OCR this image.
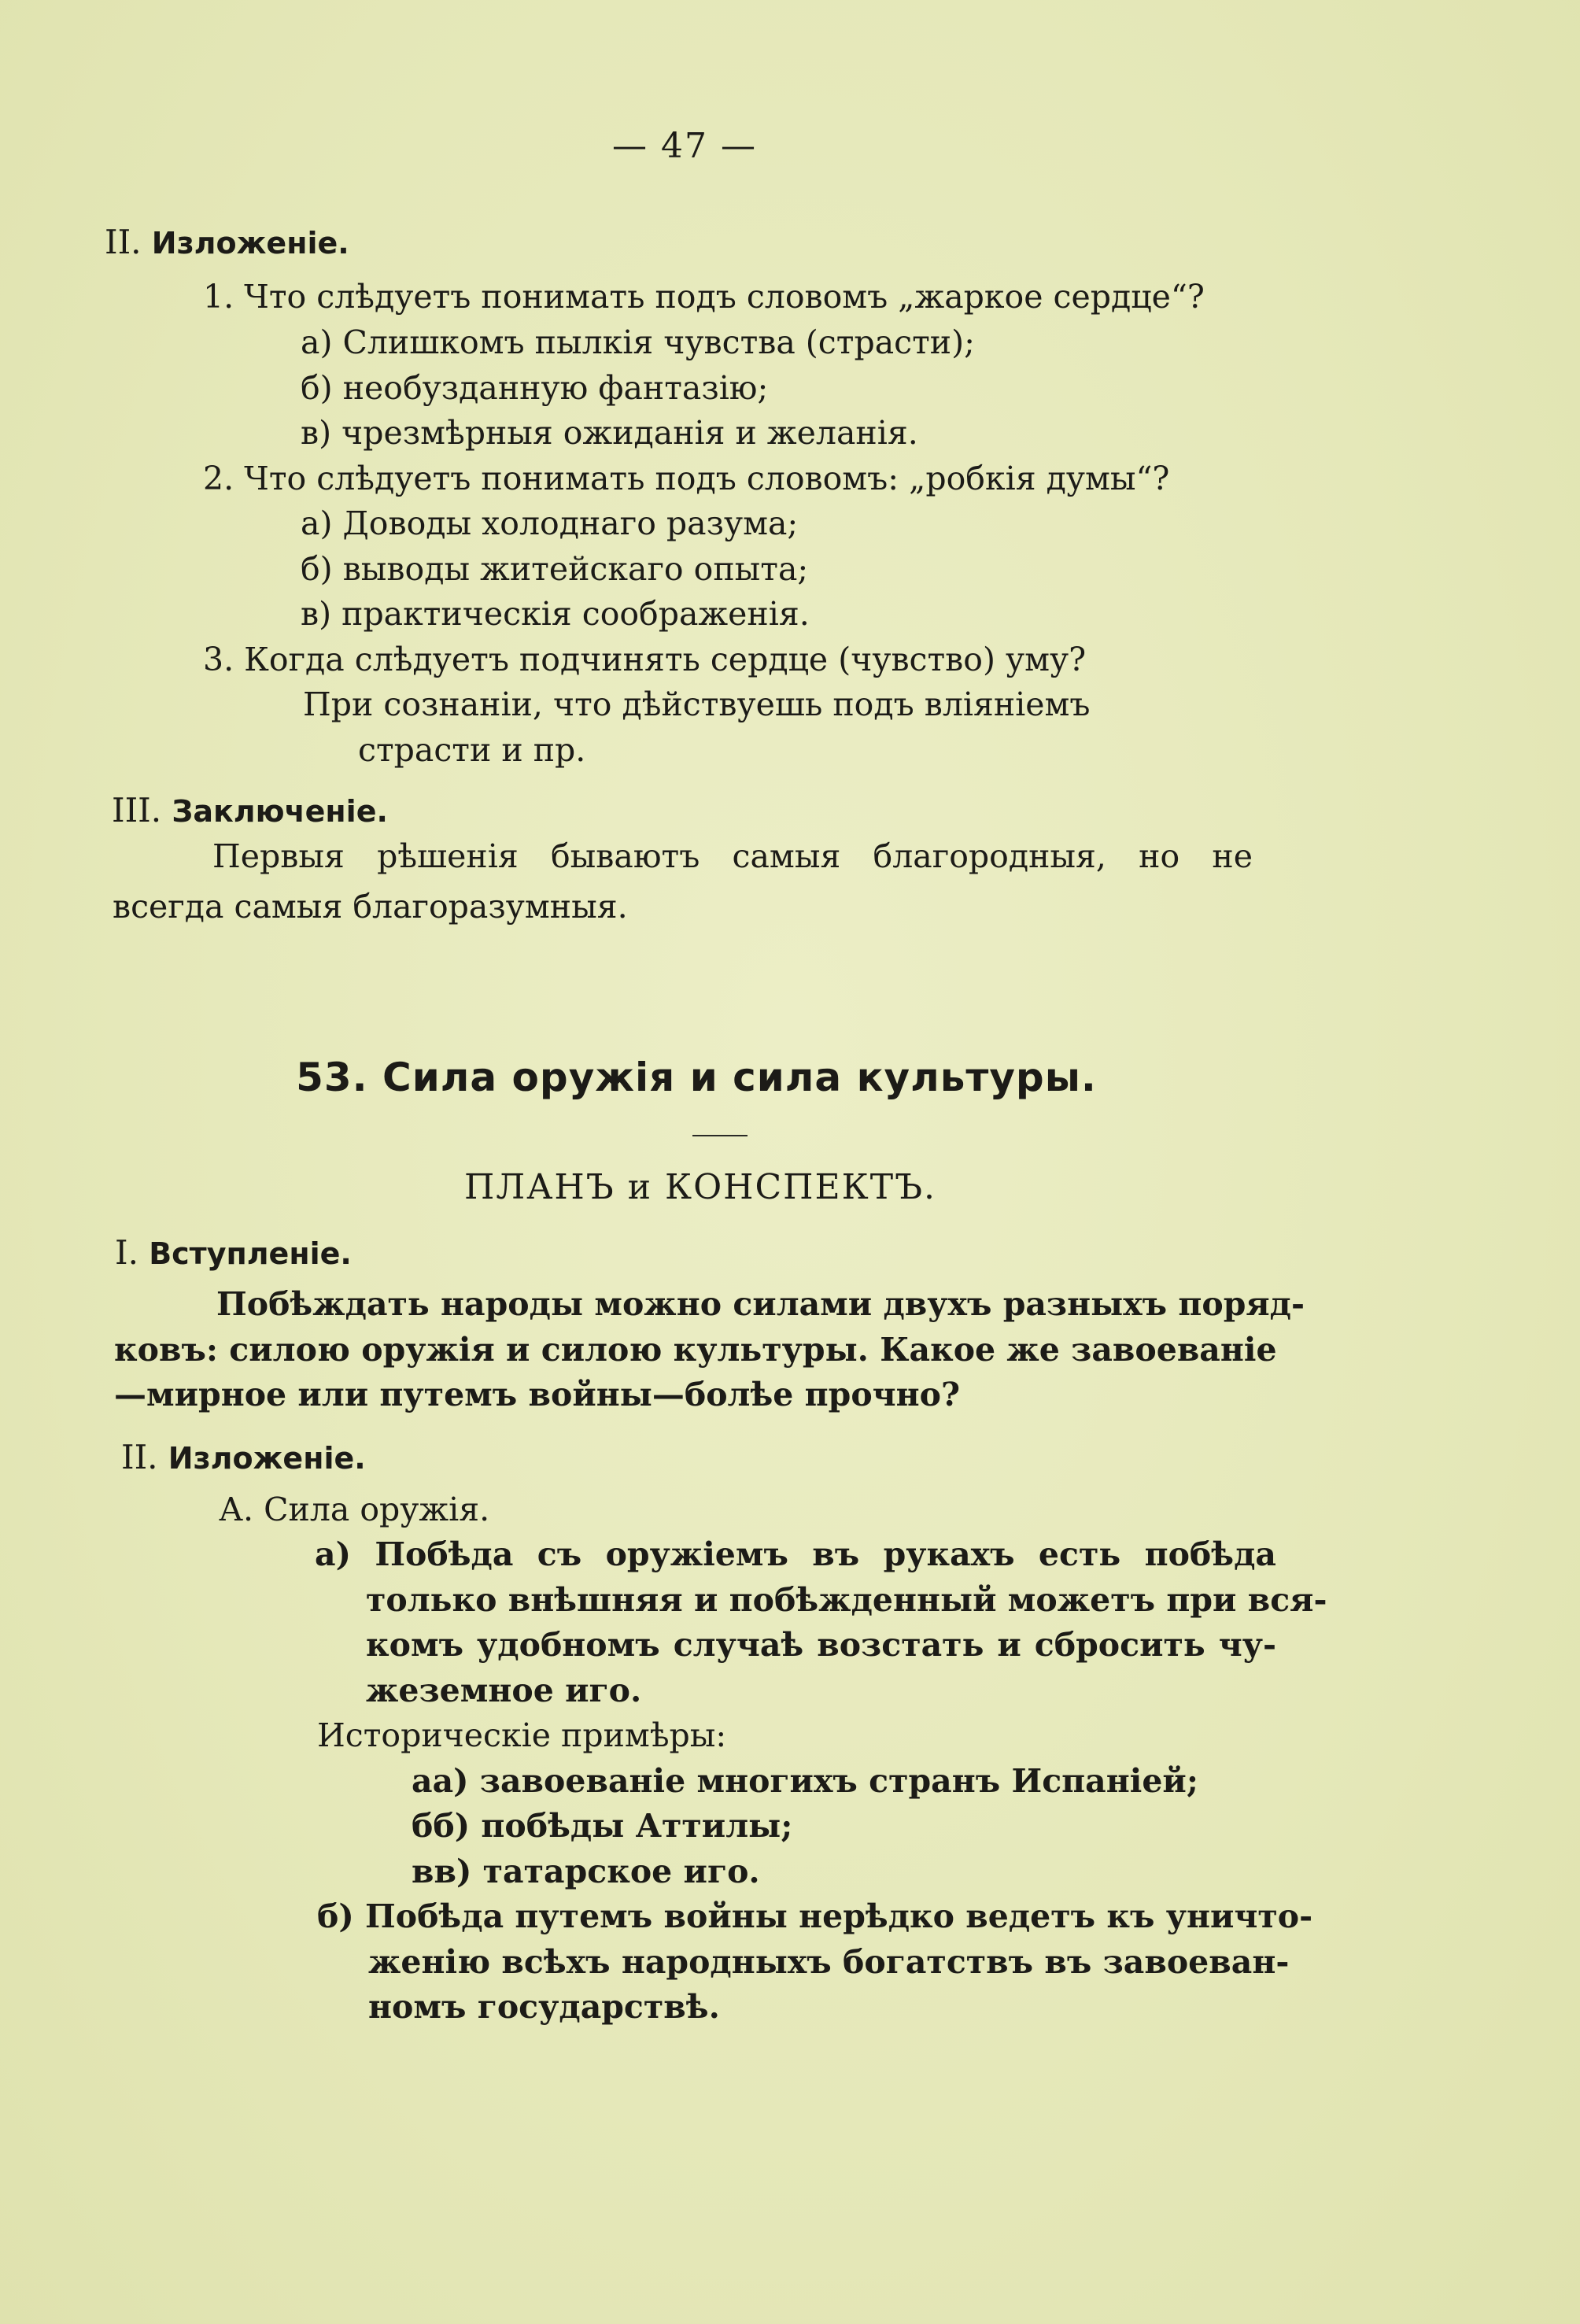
— 47 —
II. Изложенiе.
1. Что слѣдуетъ понимать подъ словомъ „жаркое сердце“?
а) Слишкомъ пылкiя чувства (страсти);
б) необузданную фантазiю;
в) чрезмѣрныя ожиданiя и желанiя.
2. Что слѣдуетъ понимать подъ словомъ: „робкiя думы“?
а) Доводы холоднаго разума;
б) выводы житейскаго опыта;
в) практическiя соображенiя.
3. Когда слѣдуетъ подчинять сердце (чувство) уму?
При сознанiи, что дѣйствуешь подъ влiянiемъ
страсти и пр.
III. Заключенiе.
Первыя рѣшенiя бываютъ самыя благородныя, но не
всегда самыя благоразумныя.
53. Сила оружiя и сила культуры.
ПЛАНЪ и КОНСПЕКТЪ.
I. Вступленiе.
Побѣждать народы можно силами двухъ разныхъ поряд-
ковъ: силою оружiя и силою культуры. Какое же завоеванiе
—мирное или путемъ войны—болѣе прочно?
II. Изложенiе.
А. Сила оружiя.
а) Побѣда съ оружiемъ въ рукахъ есть побѣда
только внѣшняя и побѣжденный можетъ при вся-
комъ удобномъ случаѣ возстать и сбросить чу-
жеземное иго.
Историческiе примѣры:
аа) завоеванiе многихъ странъ Испанiей;
бб) побѣды Аттилы;
вв) татарское иго.
б) Побѣда путемъ войны нерѣдко ведетъ къ уничто-
женiю всѣхъ народныхъ богатствъ въ завоеван-
номъ государствѣ.
